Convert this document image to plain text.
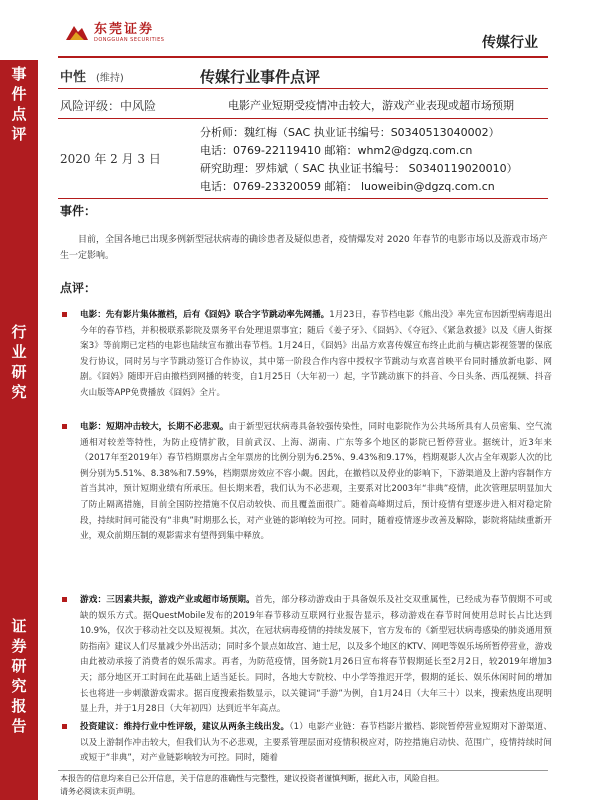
东莞证券
DONGGUAN SECURITIES	传媒行业
事
件
点
评
行
业
研
究
证
券
研
究
报
告
中性 (维持)
风险评级：中风险
2020 年 2 月 3 日
传媒行业事件点评
电影产业短期受疫情冲击较大，游戏产业表现或超市场预期
分析师：魏红梅（SAC 执业证书编号：S0340513040002）
电话：0769-22119410 邮箱：whm2@dgzq.com.cn
研究助理：罗炜斌（ SAC 执业证书编号： S0340119020010）
电话：0769-23320059 邮箱： luoweibin@dgzq.com.cn
事件：
目前，全国各地已出现多例新型冠状病毒的确诊患者及疑似患者，疫情爆发对 2020 年春节的电影市场以及游戏市场产生一定影响。
点评：
电影：先有影片集体撤档，后有《囧妈》联合字节跳动率先网播。1月23日，春节档电影《熊出没》率先宣布因新型病毒退出今年的春节档，并积极联系影院及票务平台处理退票事宜；随后《姜子牙》、《囧妈》、《夺冠》、《紧急救援》以及《唐人街探案3》等前期已定档的电影也陆续宣布撤出春节档。1月24日，《囧妈》出品方欢喜传媒宣布终止此前与横店影视签署的保底发行协议，同时另与字节跳动签订合作协议，其中第一阶段合作内容中授权字节跳动与欢喜首映平台同时播放新电影、网剧。《囧妈》随即开启由撤档到网播的转变，自1月25日（大年初一）起，字节跳动旗下的抖音、今日头条、西瓜视频、抖音火山版等APP免费播放《囧妈》全片。
电影：短期冲击较大，长期不必悲观。由于新型冠状病毒具备较强传染性，同时电影院作为公共场所具有人员密集、空气流通相对较差等特性，为防止疫情扩散，目前武汉、上海、湖南、广东等多个地区的影院已暂停营业。据统计，近3年来（2017年至2019年）春节档期票房占全年票房的比例分别为6.25%、9.43%和9.17%，档期观影人次占全年观影人次的比例分别为5.51%、8.38%和7.59%，档期票房效应不容小觑。因此，在撤档以及停业的影响下，下游渠道及上游内容制作方首当其冲，预计短期业绩有所承压。但长期来看，我们认为不必悲观，主要系对比2003年“非典”疫情，此次管理层明显加大了防止隔离措施，目前全国防控措施不仅启动较快、而且覆盖面很广。随着高峰期过后，预计疫情有望逐步进入相对稳定阶段，持续时间可能没有“非典”时期那么长，对产业链的影响较为可控。同时，随着疫情逐步改善及解除，影院将陆续重新开业，观众前期压制的观影需求有望得到集中释放。
游戏：三因素共振，游戏产业或超市场预期。首先，部分移动游戏由于具备娱乐及社交双重属性，已经成为春节假期不可或缺的娱乐方式。据QuestMobile发布的2019年春节移动互联网行业报告显示，移动游戏在春节时间使用总时长占比达到10.9%，仅次于移动社交以及短视频。其次，在冠状病毒疫情的持续发展下，官方发布的《新型冠状病毒感染的肺炎通用预防指南》建议人们尽量减少外出活动；同时多个景点如故宫、迪士尼，以及多个地区的KTV、网吧等娱乐场所暂停营业，游戏由此被动承接了消费者的娱乐需求。再者，为防范疫情，国务院1月26日宣布将春节假期延长至2月2日，较2019年增加3天；部分地区开工时间在此基础上适当延长。同时，各地大专院校、中小学等推迟开学，假期的延长、娱乐休闲时间的增加长也将进一步刺激游戏需求。据百度搜索指数显示，以关键词“手游”为例，自1月24日（大年三十）以来，搜索热度出现明显上升，并于1月28日（大年初四）达到近半年高点。
投资建议：维持行业中性评级，建议从两条主线出发。（1）电影产业链：春节档影片撤档、影院暂停营业短期对下游渠道、以及上游制作冲击较大，但我们认为不必悲观，主要系管理层面对疫情积极应对，防控措施启动快、范围广，疫情持续时间或短于“非典”，对产业链影响较为可控。同时，随着
本报告的信息均来自已公开信息，关于信息的准确性与完整性，建议投资者谨慎判断，据此入市，风险自担。
请务必阅读末页声明。
